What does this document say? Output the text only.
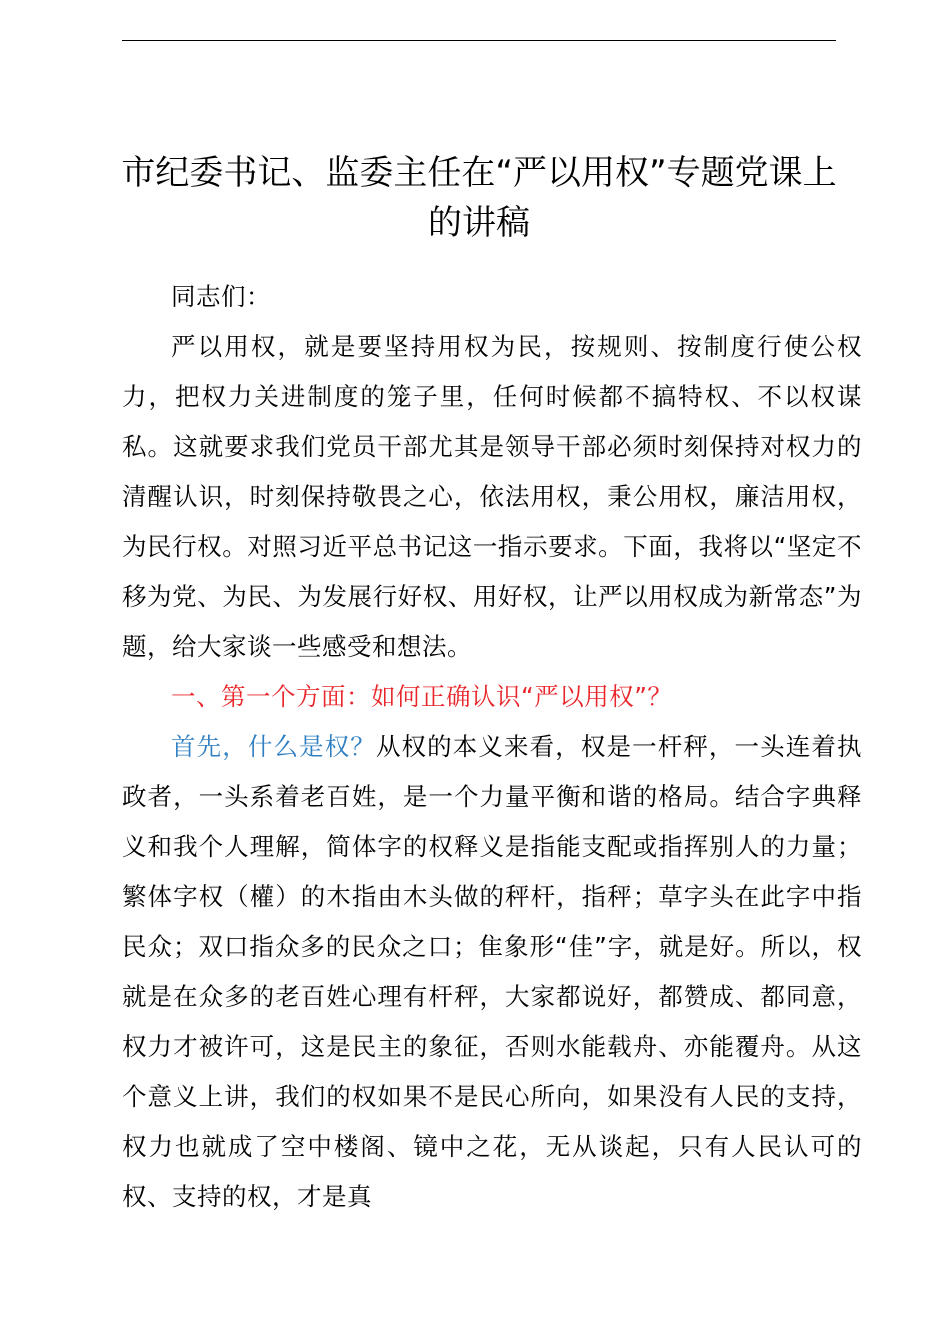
市纪委书记、监委主任在“严以用权”专题党课上的讲稿

同志们：

严以用权，就是要坚持用权为民，按规则、按制度行使公权力，把权力关进制度的笼子里，任何时候都不搞特权、不以权谋私。这就要求我们党员干部尤其是领导干部必须时刻保持对权力的清醒认识，时刻保持敬畏之心，依法用权，秉公用权，廉洁用权，为民行权。对照习近平总书记这一指示要求。下面，我将以“坚定不移为党、为民、为发展行好权、用好权，让严以用权成为新常态”为题，给大家谈一些感受和想法。

一、第一个方面：如何正确认识“严以用权”？

首先，什么是权？从权的本义来看，权是一杆秤，一头连着执政者，一头系着老百姓，是一个力量平衡和谐的格局。结合字典释义和我个人理解，简体字的权释义是指能支配或指挥别人的力量；繁体字权（權）的木指由木头做的秤杆，指秤；草字头在此字中指民众；双口指众多的民众之口；隹象形“佳”字，就是好。所以，权就是在众多的老百姓心理有杆秤，大家都说好，都赞成、都同意，权力才被许可，这是民主的象征，否则水能载舟、亦能覆舟。从这个意义上讲，我们的权如果不是民心所向，如果没有人民的支持，权力也就成了空中楼阁、镜中之花，无从谈起，只有人民认可的权、支持的权，才是真
